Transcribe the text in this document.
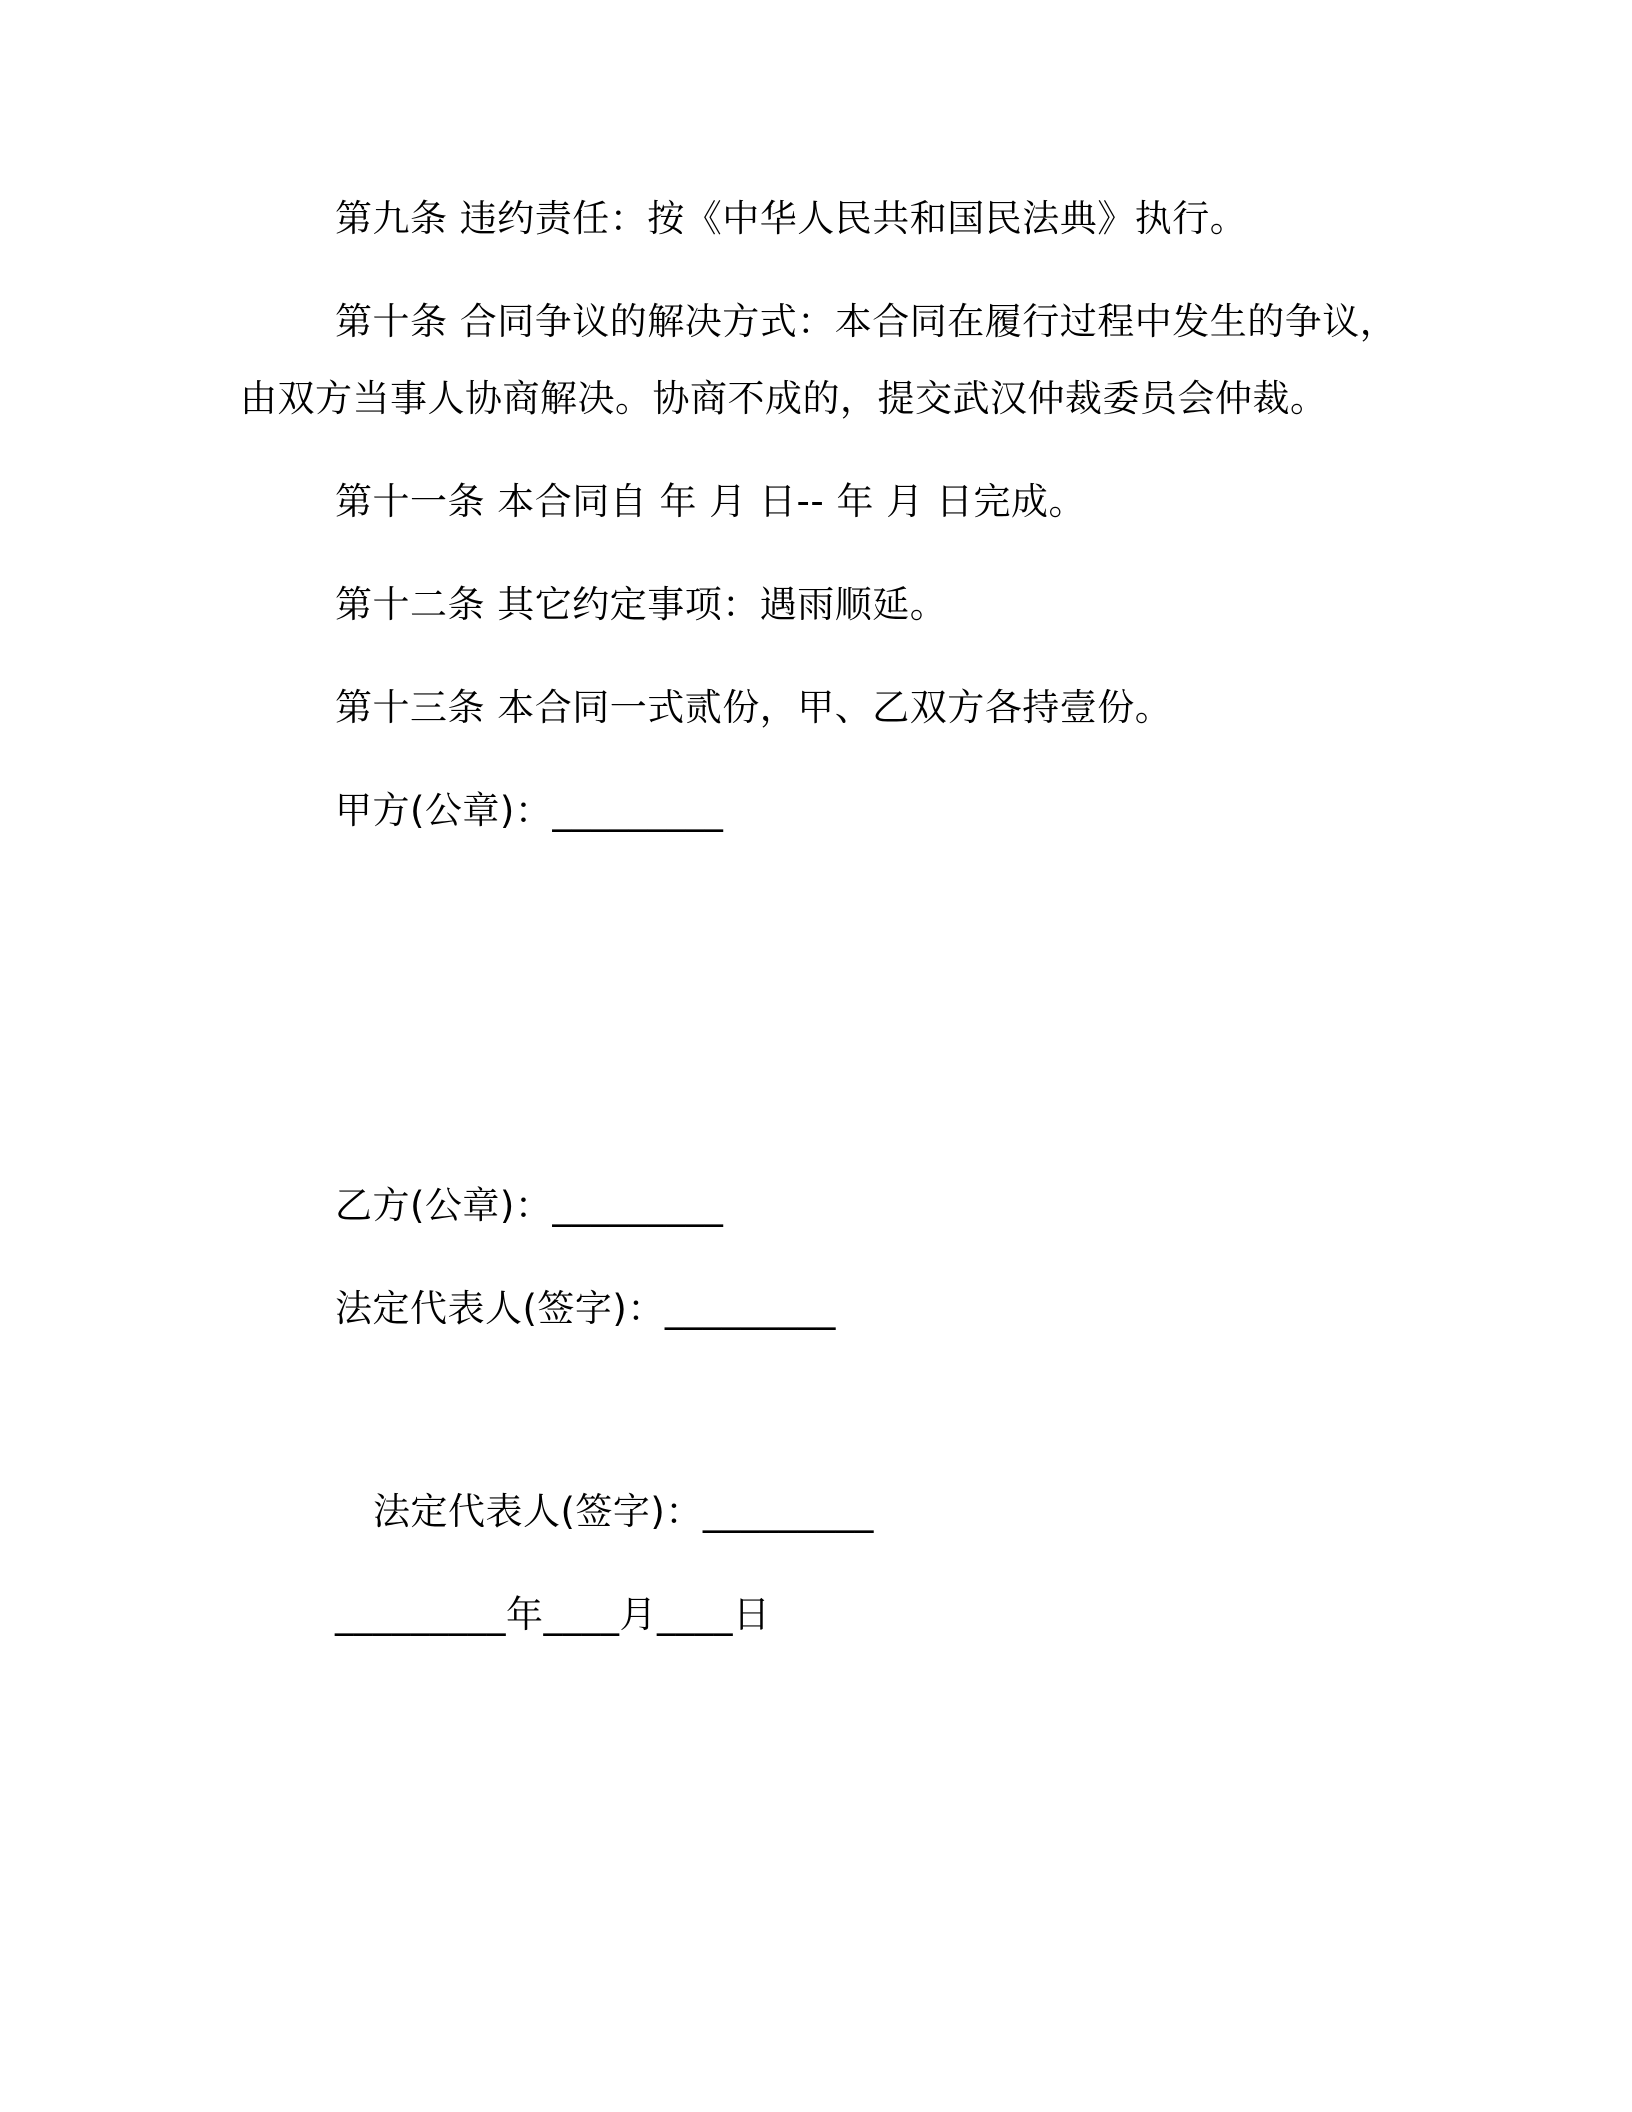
第九条 违约责任：按《中华人民共和国民法典》执行。
第十条 合同争议的解决方式：本合同在履行过程中发生的争议，
由双方当事人协商解决。协商不成的，提交武汉仲裁委员会仲裁。
第十一条 本合同自 年 月 日-- 年 月 日完成。
第十二条 其它约定事项：遇雨顺延。
第十三条 本合同一式贰份，甲、乙双方各持壹份。
甲方(公章)：_________
乙方(公章)：_________
法定代表人(签字)：_________
法定代表人(签字)：_________
_________年____月____日
